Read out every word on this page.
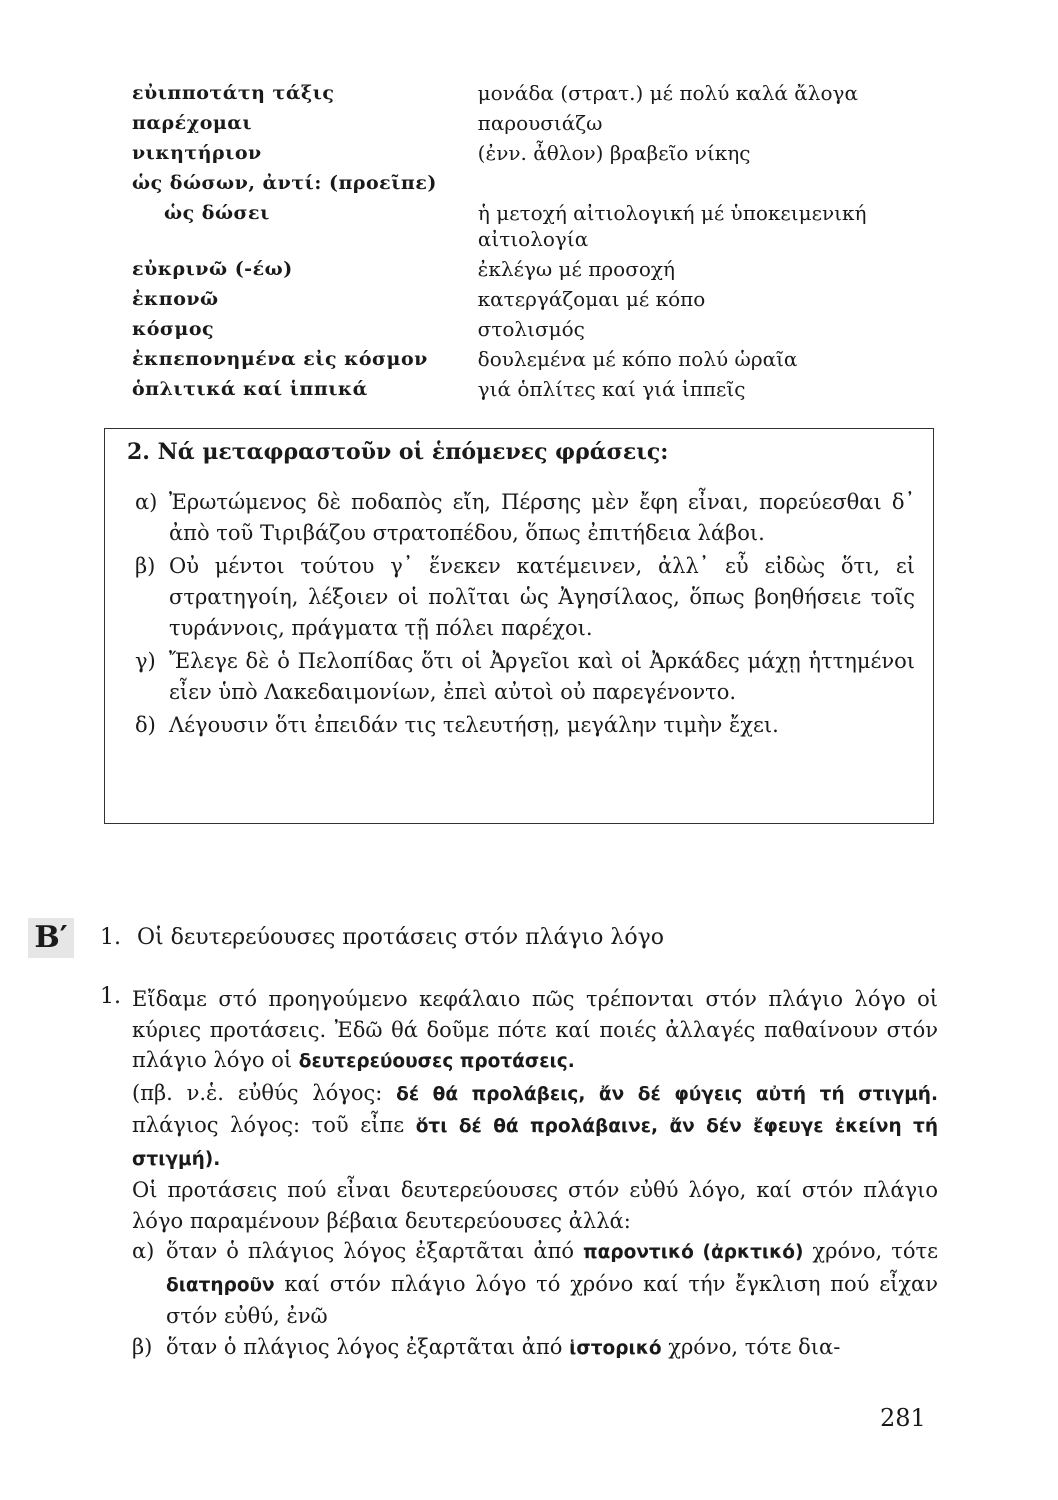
εὐιπποτάτη τάξις	μονάδα (στρατ.) μέ πολύ καλά ἄλογα
παρέχομαι	παρουσιάζω
νικητήριον	(ἐνν. ἆθλον) βραβεῖο νίκης
ὡς δώσων, ἀντί: (προεῖπε)
ὡς δώσει	ἡ μετοχή αἰτιολογική μέ ὑποκειμενική αἰτιολογία
εὐκρινῶ (-έω)	ἐκλέγω μέ προσοχή
ἐκπονῶ	κατεργάζομαι μέ κόπο
κόσμος	στολισμός
ἐκπεπονημένα εἰς κόσμον	δουλεμένα μέ κόπο πολύ ὡραῖα
ὁπλιτικά καί ἱππικά	γιά ὁπλίτες καί γιά ἱππεῖς
2. Νά μεταφραστοῦν οἱ ἑπόμενες φράσεις:
α) Ἐρωτώμενος δὲ ποδαπὸς εἴη, Πέρσης μὲν ἔφη εἶναι, πορεύεσθαι δ᾽ ἀπὸ τοῦ Τιριβάζου στρατοπέδου, ὅπως ἐπιτήδεια λάβοι.
β) Οὐ μέντοι τούτου γ᾽ ἕνεκεν κατέμεινεν, ἀλλ᾽ εὖ εἰδὼς ὅτι, εἰ στρατηγοίη, λέξοιεν οἱ πολῖται ὡς Ἀγησίλαος, ὅπως βοηθήσειε τοῖς τυράννοις, πράγματα τῇ πόλει παρέχοι.
γ) Ἔλεγε δὲ ὁ Πελοπίδας ὅτι οἱ Ἀργεῖοι καὶ οἱ Ἀρκάδες μάχῃ ἡττημένοι εἶεν ὑπὸ Λακεδαιμονίων, ἐπεὶ αὐτοὶ οὐ παρεγένοντο.
δ) Λέγουσιν ὅτι ἐπειδάν τις τελευτήσῃ, μεγάλην τιμὴν ἔχει.
Β′ 1. Οἱ δευτερεύουσες προτάσεις στόν πλάγιο λόγο
1. Εἴδαμε στό προηγούμενο κεφάλαιο πῶς τρέπονται στόν πλάγιο λόγο οἱ κύριες προτάσεις. Ἐδῶ θά δοῦμε πότε καί ποιές ἀλλαγές παθαίνουν στόν πλάγιο λόγο οἱ δευτερεύουσες προτάσεις.

(πβ. ν.ἑ. εὐθύς λόγος: δέ θά προλάβεις, ἄν δέ φύγεις αὐτή τή στιγμή. πλάγιος λόγος: τοῦ εἶπε ὅτι δέ θά προλάβαινε, ἄν δέν ἔφευγε ἐκείνη τή στιγμή).

Οἱ προτάσεις πού εἶναι δευτερεύουσες στόν εὐθύ λόγο, καί στόν πλάγιο λόγο παραμένουν βέβαια δευτερεύουσες ἀλλά:

α) ὅταν ὁ πλάγιος λόγος ἐξαρτᾶται ἀπό παροντικό (ἀρκτικό) χρόνο, τότε διατηροῦν καί στόν πλάγιο λόγο τό χρόνο καί τήν ἔγκλιση πού εἶχαν στόν εὐθύ, ἐνῶ
β) ὅταν ὁ πλάγιος λόγος ἐξαρτᾶται ἀπό ἱστορικό χρόνο, τότε δια-
281
